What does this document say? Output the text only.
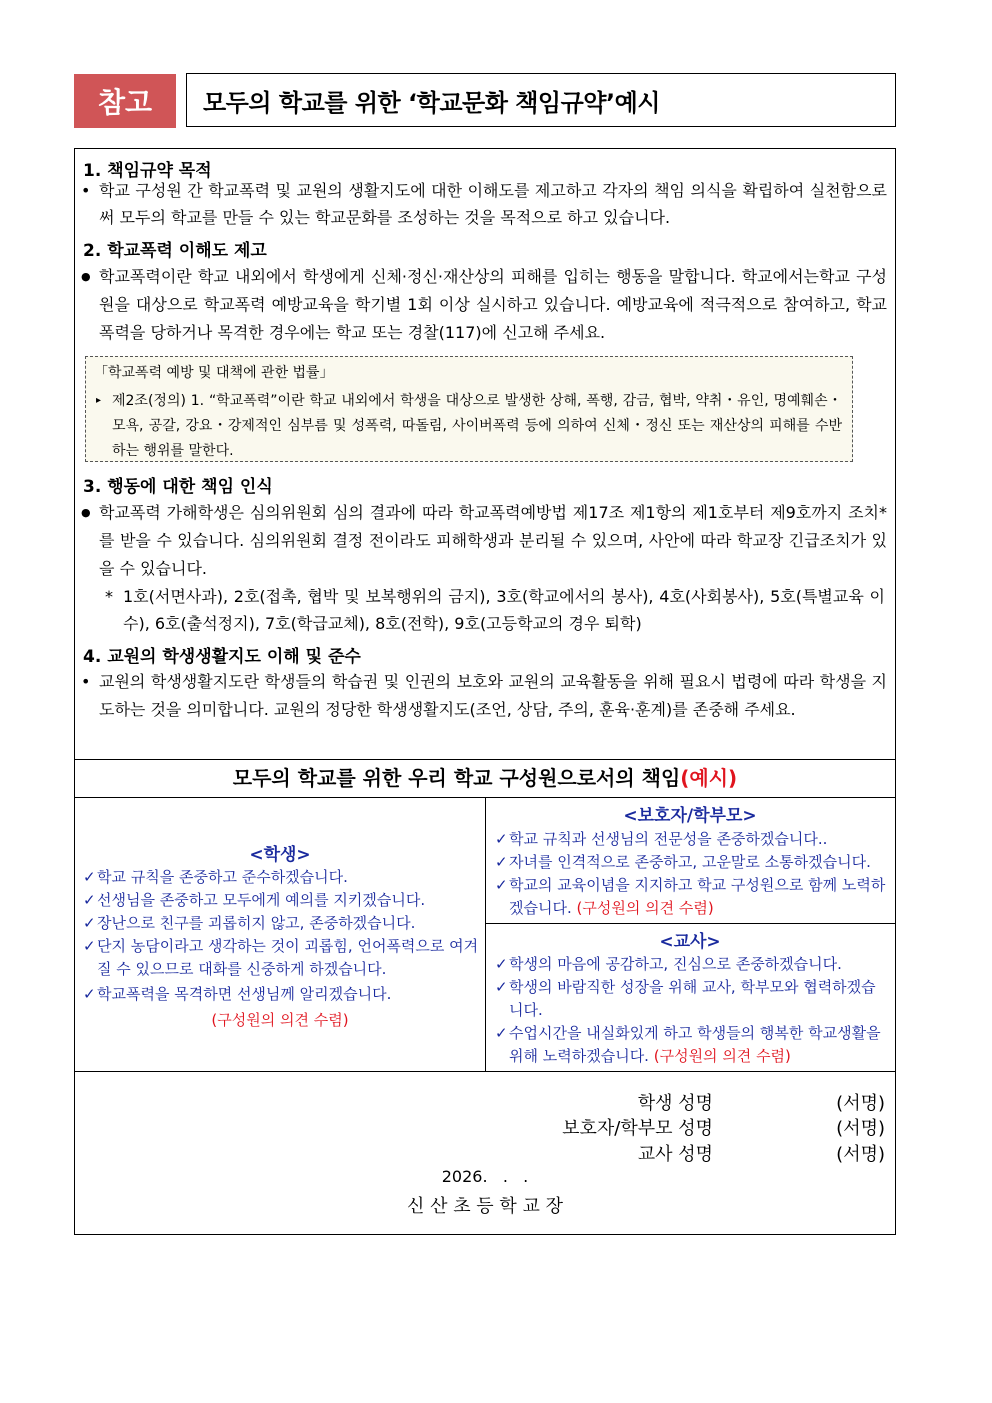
참고	모두의 학교를 위한 ‘학교문화 책임규약’예시
1. 책임규약 목적
• 학교 구성원 간 학교폭력 및 교원의 생활지도에 대한 이해도를 제고하고 각자의 책임 의식을 확립하여 실천함으로써 모두의 학교를 만들 수 있는 학교문화를 조성하는 것을 목적으로 하고 있습니다.
2. 학교폭력 이해도 제고
● 학교폭력이란 학교 내외에서 학생에게 신체·정신·재산상의 피해를 입히는 행동을 말합니다. 학교에서는학교 구성원을 대상으로 학교폭력 예방교육을 학기별 1회 이상 실시하고 있습니다. 예방교육에 적극적으로 참여하고, 학교폭력을 당하거나 목격한 경우에는 학교 또는 경찰(117)에 신고해 주세요.
「학교폭력 예방 및 대책에 관한 법률」
▸ 제2조(정의) 1. “학교폭력”이란 학교 내외에서 학생을 대상으로 발생한 상해, 폭행, 감금, 협박, 약취・유인, 명예훼손・모욕, 공갈, 강요・강제적인 심부름 및 성폭력, 따돌림, 사이버폭력 등에 의하여 신체・정신 또는 재산상의 피해를 수반하는 행위를 말한다.
3. 행동에 대한 책임 인식
● 학교폭력 가해학생은 심의위원회 심의 결과에 따라 학교폭력예방법 제17조 제1항의 제1호부터 제9호까지 조치*를 받을 수 있습니다. 심의위원회 결정 전이라도 피해학생과 분리될 수 있으며, 사안에 따라 학교장 긴급조치가 있을 수 있습니다.
* 1호(서면사과), 2호(접촉, 협박 및 보복행위의 금지), 3호(학교에서의 봉사), 4호(사회봉사), 5호(특별교육 이수), 6호(출석정지), 7호(학급교체), 8호(전학), 9호(고등학교의 경우 퇴학)
4. 교원의 학생생활지도 이해 및 준수
• 교원의 학생생활지도란 학생들의 학습권 및 인권의 보호와 교원의 교육활동을 위해 필요시 법령에 따라 학생을 지도하는 것을 의미합니다. 교원의 정당한 학생생활지도(조언, 상담, 주의, 훈육·훈계)를 존중해 주세요.
모두의 학교를 위한 우리 학교 구성원으로서의 책임(예시)
<학생>
✓ 학교 규칙을 존중하고 준수하겠습니다.
✓ 선생님을 존중하고 모두에게 예의를 지키겠습니다.
✓ 장난으로 친구를 괴롭히지 않고, 존중하겠습니다.
✓ 단지 농담이라고 생각하는 것이 괴롭힘, 언어폭력으로 여겨질 수 있으므로 대화를 신중하게 하겠습니다.
✓ 학교폭력을 목격하면 선생님께 알리겠습니다.
(구성원의 의견 수렴)
<보호자/학부모>
✓ 학교 규칙과 선생님의 전문성을 존중하겠습니다..
✓ 자녀를 인격적으로 존중하고, 고운말로 소통하겠습니다.
✓ 학교의 교육이념을 지지하고 학교 구성원으로 함께 노력하겠습니다. (구성원의 의견 수렴)
<교사>
✓ 학생의 마음에 공감하고, 진심으로 존중하겠습니다.
✓ 학생의 바람직한 성장을 위해 교사, 학부모와 협력하겠습니다.
✓ 수업시간을 내실화있게 하고 학생들의 행복한 학교생활을 위해 노력하겠습니다. (구성원의 의견 수렴)
학생 성명	(서명)
보호자/학부모 성명	(서명)
교사 성명	(서명)
2026.   .   .
신 산 초 등 학 교 장
